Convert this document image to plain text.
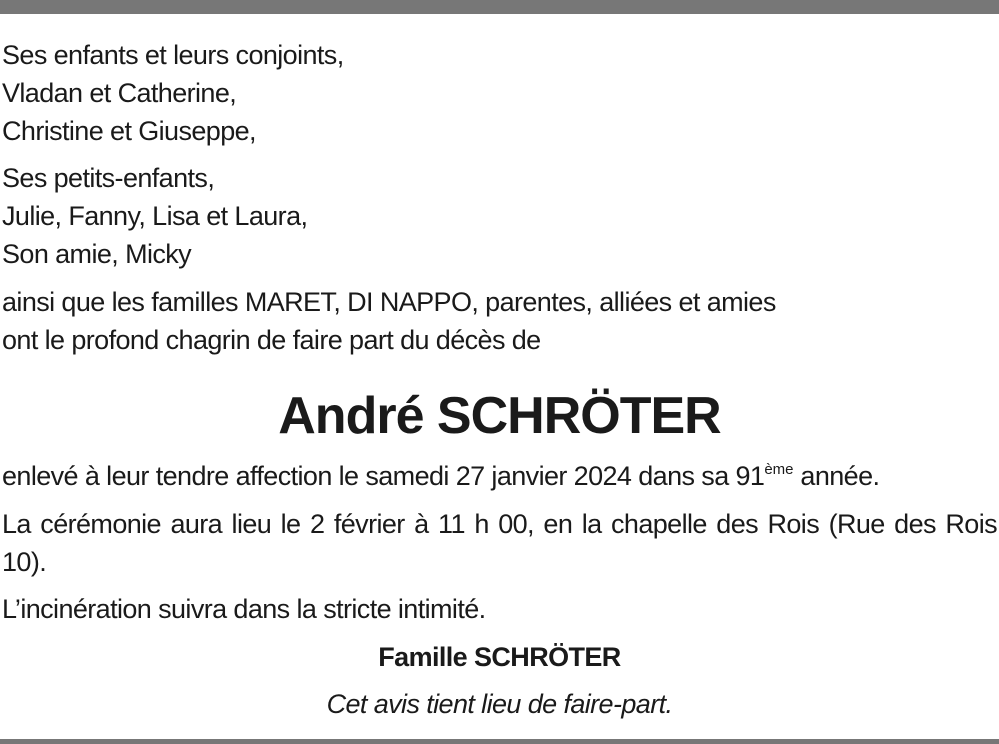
Ses enfants et leurs conjoints,
Vladan et Catherine,
Christine et Giuseppe,
Ses petits-enfants,
Julie, Fanny, Lisa et Laura,
Son amie, Micky
ainsi que les familles MARET, DI NAPPO, parentes, alliées et amies
ont le profond chagrin de faire part du décès de
André SCHRÖTER
enlevé à leur tendre affection le samedi 27 janvier 2024 dans sa 91ème année.
La cérémonie aura lieu le 2 février à 11 h 00, en la chapelle des Rois (Rue des Rois 10).
L’incinération suivra dans la stricte intimité.
Famille SCHRÖTER
Cet avis tient lieu de faire-part.
